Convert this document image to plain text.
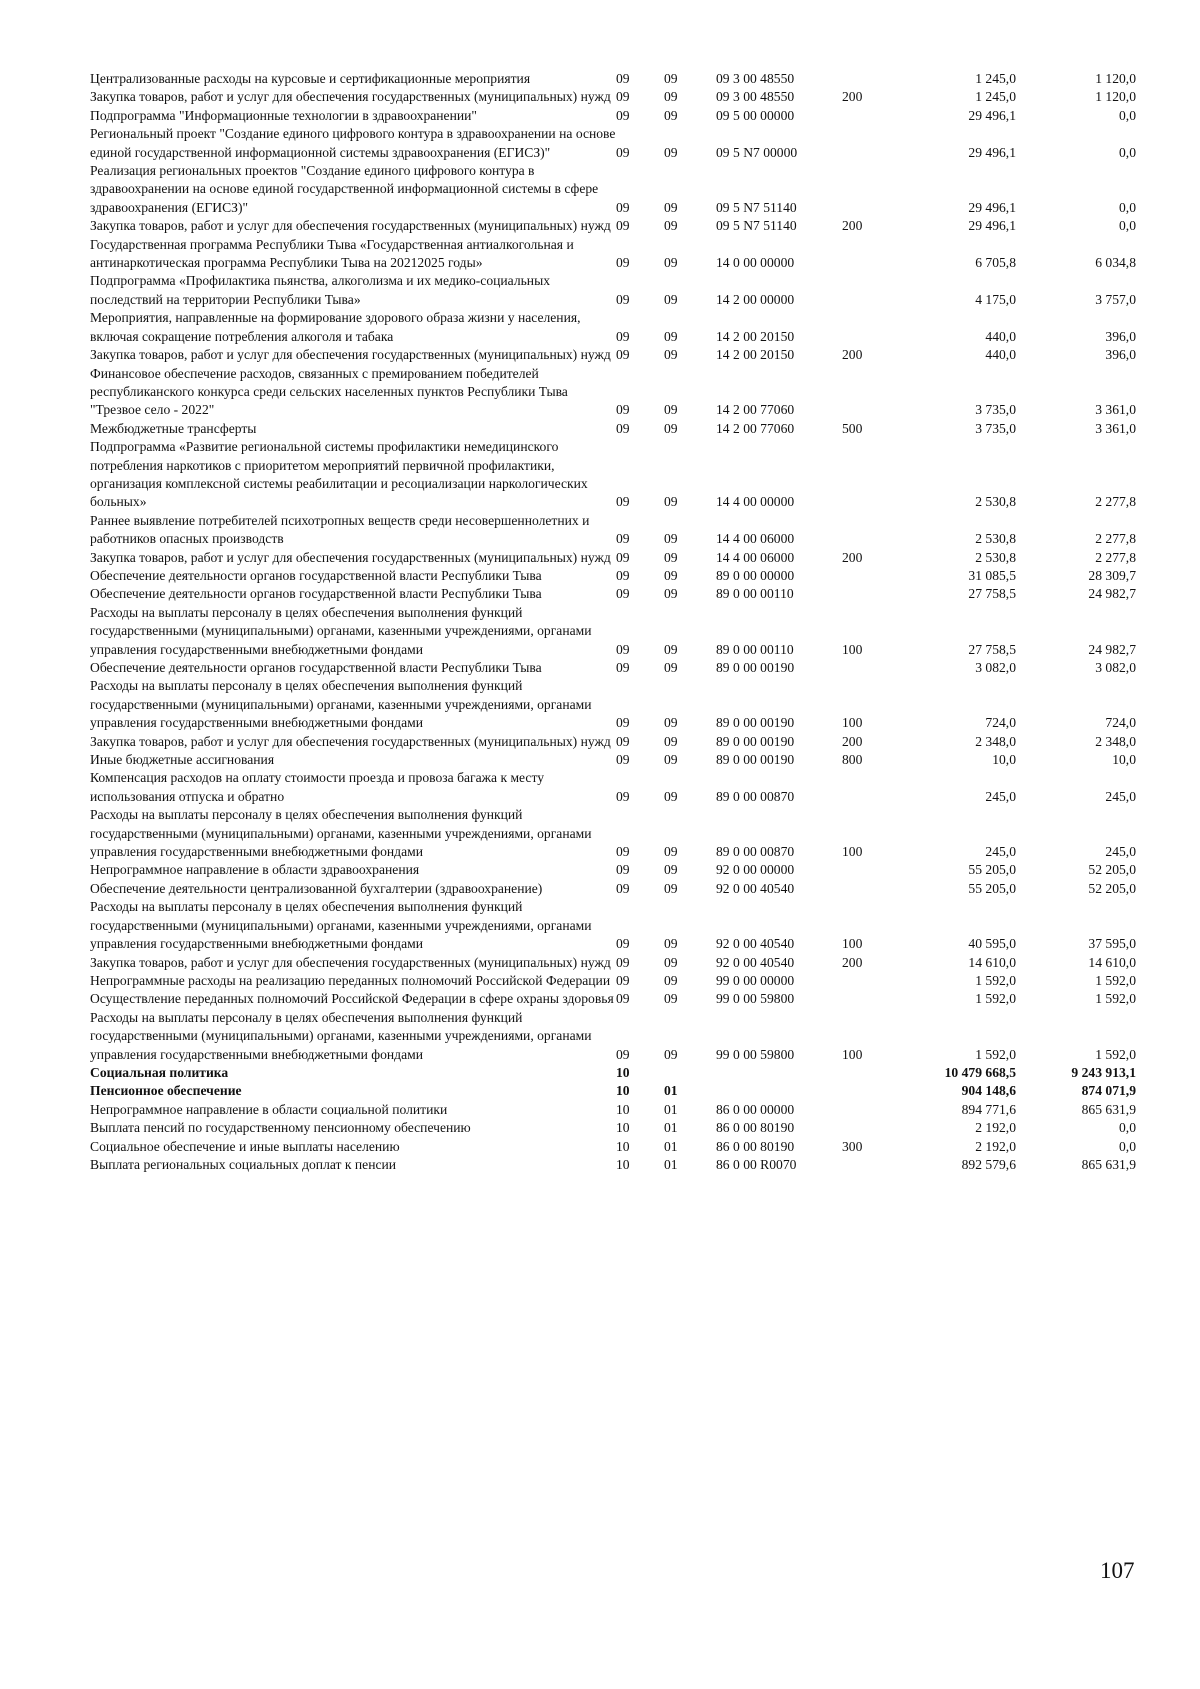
Централизованные расходы на курсовые и сертификационные мероприятия	09	09	09 3 00 48550		1 245,0	1 120,0
Закупка товаров, работ и услуг для обеспечения государственных (муниципальных) нужд	09	09	09 3 00 48550	200	1 245,0	1 120,0
Подпрограмма "Информационные технологии в здравоохранении"	09	09	09 5 00 00000		29 496,1	0,0
Региональный проект "Создание единого цифрового контура в здравоохранении на основе единой государственной информационной системы здравоохранения (ЕГИСЗ)"	09	09	09 5 N7 00000		29 496,1	0,0
Реализация региональных проектов "Создание единого цифрового контура в здравоохранении на основе единой государственной информационной системы в сфере здравоохранения (ЕГИСЗ)"	09	09	09 5 N7 51140		29 496,1	0,0
Закупка товаров, работ и услуг для обеспечения государственных (муниципальных) нужд	09	09	09 5 N7 51140	200	29 496,1	0,0
Государственная программа Республики Тыва «Государственная антиалкогольная и антинаркотическая программа Республики Тыва на 20212025 годы»	09	09	14 0 00 00000		6 705,8	6 034,8
Подпрограмма «Профилактика пьянства, алкоголизма и их медико-социальных последствий на территории Республики Тыва»	09	09	14 2 00 00000		4 175,0	3 757,0
Мероприятия, направленные на формирование здорового образа жизни у населения, включая сокращение потребления алкоголя и табака	09	09	14 2 00 20150		440,0	396,0
Закупка товаров, работ и услуг для обеспечения государственных (муниципальных) нужд	09	09	14 2 00 20150	200	440,0	396,0
Финансовое обеспечение расходов, связанных с премированием победителей республиканского конкурса среди сельских населенных пунктов Республики Тыва "Трезвое село - 2022"	09	09	14 2 00 77060		3 735,0	3 361,0
Межбюджетные трансферты	09	09	14 2 00 77060	500	3 735,0	3 361,0
Подпрограмма «Развитие региональной системы профилактики немедицинского потребления наркотиков с приоритетом мероприятий первичной профилактики, организация комплексной системы реабилитации и ресоциализации наркологических больных»	09	09	14 4 00 00000		2 530,8	2 277,8
Раннее выявление потребителей психотропных веществ среди несовершеннолетних и работников опасных производств	09	09	14 4 00 06000		2 530,8	2 277,8
Закупка товаров, работ и услуг для обеспечения государственных (муниципальных) нужд	09	09	14 4 00 06000	200	2 530,8	2 277,8
Обеспечение деятельности органов государственной власти Республики Тыва	09	09	89 0 00 00000		31 085,5	28 309,7
Обеспечение деятельности органов государственной власти Республики Тыва	09	09	89 0 00 00110		27 758,5	24 982,7
Расходы на выплаты персоналу в целях обеспечения выполнения функций государственными (муниципальными) органами, казенными учреждениями, органами управления государственными внебюджетными фондами	09	09	89 0 00 00110	100	27 758,5	24 982,7
Обеспечение деятельности органов государственной власти Республики Тыва	09	09	89 0 00 00190		3 082,0	3 082,0
Расходы на выплаты персоналу в целях обеспечения выполнения функций государственными (муниципальными) органами, казенными учреждениями, органами управления государственными внебюджетными фондами	09	09	89 0 00 00190	100	724,0	724,0
Закупка товаров, работ и услуг для обеспечения государственных (муниципальных) нужд	09	09	89 0 00 00190	200	2 348,0	2 348,0
Иные бюджетные ассигнования	09	09	89 0 00 00190	800	10,0	10,0
Компенсация расходов на оплату стоимости проезда и провоза багажа к месту использования отпуска и обратно	09	09	89 0 00 00870		245,0	245,0
Расходы на выплаты персоналу в целях обеспечения выполнения функций государственными (муниципальными) органами, казенными учреждениями, органами управления государственными внебюджетными фондами	09	09	89 0 00 00870	100	245,0	245,0
Непрограммное направление в области здравоохранения	09	09	92 0 00 00000		55 205,0	52 205,0
Обеспечение деятельности централизованной бухгалтерии (здравоохранение)	09	09	92 0 00 40540		55 205,0	52 205,0
Расходы на выплаты персоналу в целях обеспечения выполнения функций государственными (муниципальными) органами, казенными учреждениями, органами управления государственными внебюджетными фондами	09	09	92 0 00 40540	100	40 595,0	37 595,0
Закупка товаров, работ и услуг для обеспечения государственных (муниципальных) нужд	09	09	92 0 00 40540	200	14 610,0	14 610,0
Непрограммные расходы на реализацию переданных полномочий Российской Федерации	09	09	99 0 00 00000		1 592,0	1 592,0
Осуществление переданных полномочий Российской Федерации в сфере охраны здоровья	09	09	99 0 00 59800		1 592,0	1 592,0
Расходы на выплаты персоналу в целях обеспечения выполнения функций государственными (муниципальными) органами, казенными учреждениями, органами управления государственными внебюджетными фондами	09	09	99 0 00 59800	100	1 592,0	1 592,0
Социальная политика	10				10 479 668,5	9 243 913,1
Пенсионное обеспечение	10	01			904 148,6	874 071,9
Непрограммное направление в области социальной политики	10	01	86 0 00 00000		894 771,6	865 631,9
Выплата пенсий по государственному пенсионному обеспечению	10	01	86 0 00 80190		2 192,0	0,0
Социальное обеспечение и иные выплаты населению	10	01	86 0 00 80190	300	2 192,0	0,0
Выплата региональных социальных доплат к пенсии	10	01	86 0 00 R0070		892 579,6	865 631,9
107
